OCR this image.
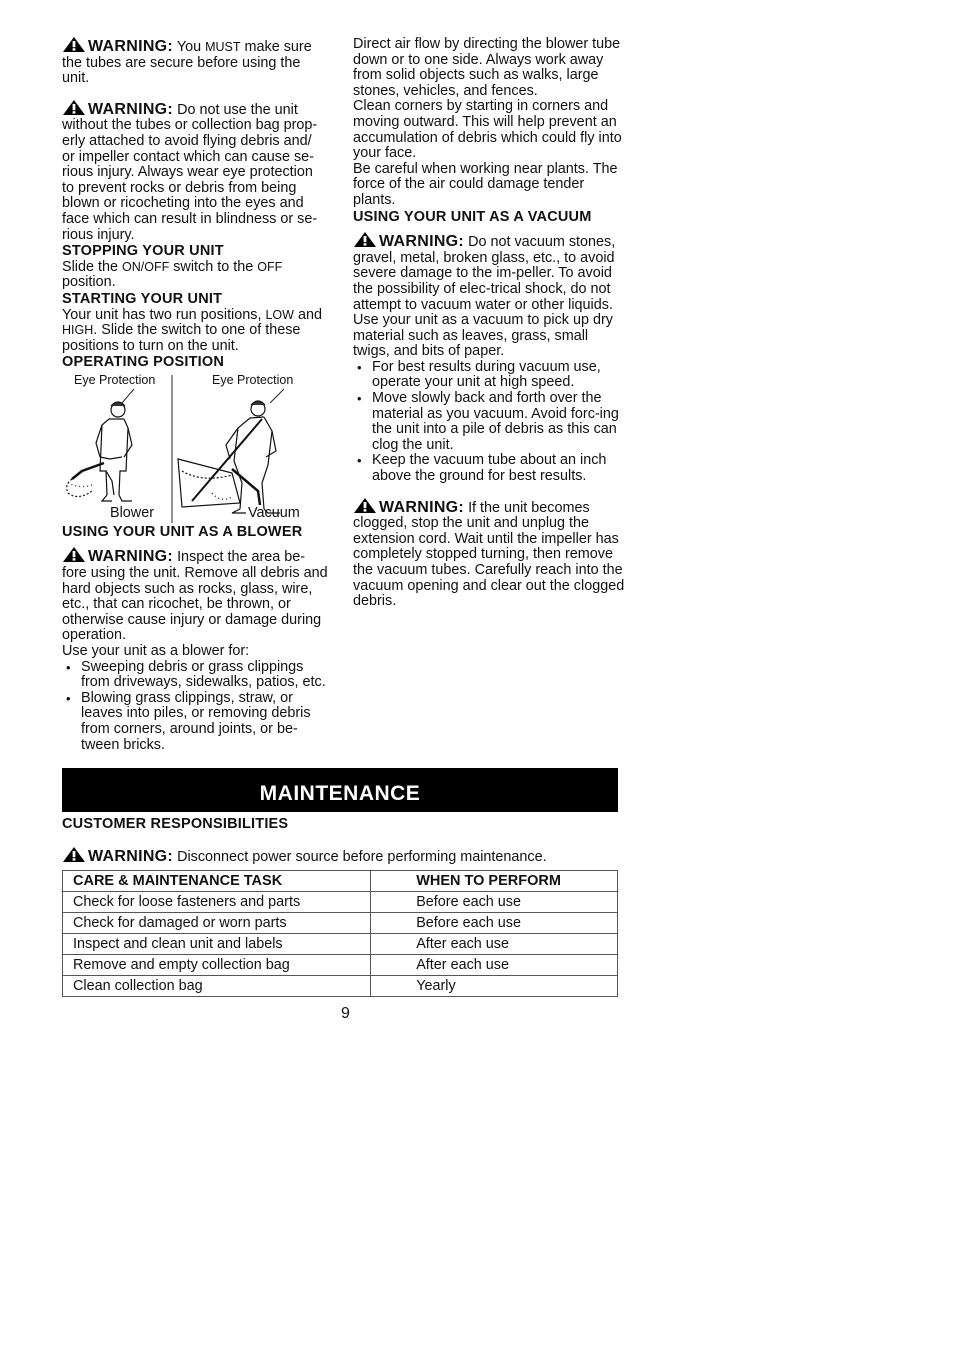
WARNING: You MUST make sure the tubes are secure before using the unit.

WARNING: Do not use the unit without the tubes or collection bag prop-erly attached to avoid flying debris and/ or impeller contact which can cause se-rious injury. Always wear eye protection to prevent rocks or debris from being blown or ricocheting into the eyes and face which can result in blindness or se-rious injury.

STOPPING YOUR UNIT

Slide the ON/OFF switch to the OFF position.

STARTING YOUR UNIT

Your unit has two run positions, LOW and HIGH. Slide the switch to one of these positions to turn on the unit.

OPERATING POSITION
Eye Protection	Eye Protection
Blower	Vacuum
USING YOUR UNIT AS A BLOWER

WARNING: Inspect the area be-fore using the unit. Remove all debris and hard objects such as rocks, glass, wire, etc., that can ricochet, be thrown, or otherwise cause injury or damage during operation.

Use your unit as a blower for:

• Sweeping debris or grass clippings from driveways, sidewalks, patios, etc.
• Blowing grass clippings, straw, or leaves into piles, or removing debris from corners, around joints, or be-tween bricks.

Direct air flow by directing the blower tube down or to one side. Always work away from solid objects such as walks, large stones, vehicles, and fences.

Clean corners by starting in corners and moving outward. This will help prevent an accumulation of debris which could fly into your face.

Be careful when working near plants. The force of the air could damage tender plants.

USING YOUR UNIT AS A VACUUM

WARNING: Do not vacuum stones, gravel, metal, broken glass, etc., to avoid severe damage to the im-peller. To avoid the possibility of elec-trical shock, do not attempt to vacuum water or other liquids.

Use your unit as a vacuum to pick up dry material such as leaves, grass, small twigs, and bits of paper.

• For best results during vacuum use, operate your unit at high speed.
• Move slowly back and forth over the material as you vacuum. Avoid forc-ing the unit into a pile of debris as this can clog the unit.
• Keep the vacuum tube about an inch above the ground for best results.

WARNING: If the unit becomes clogged, stop the unit and unplug the extension cord. Wait until the impeller has completely stopped turning, then remove the vacuum tubes. Carefully reach into the vacuum opening and clear out the clogged debris.

MAINTENANCE
CUSTOMER RESPONSIBILITIES

WARNING: Disconnect power source before performing maintenance.

CARE & MAINTENANCE TASK	WHEN TO PERFORM
Check for loose fasteners and parts	Before each use
Check for damaged or worn parts	Before each use
Inspect and clean unit and labels	After each use
Remove and empty collection bag	After each use
Clean collection bag	Yearly
9
